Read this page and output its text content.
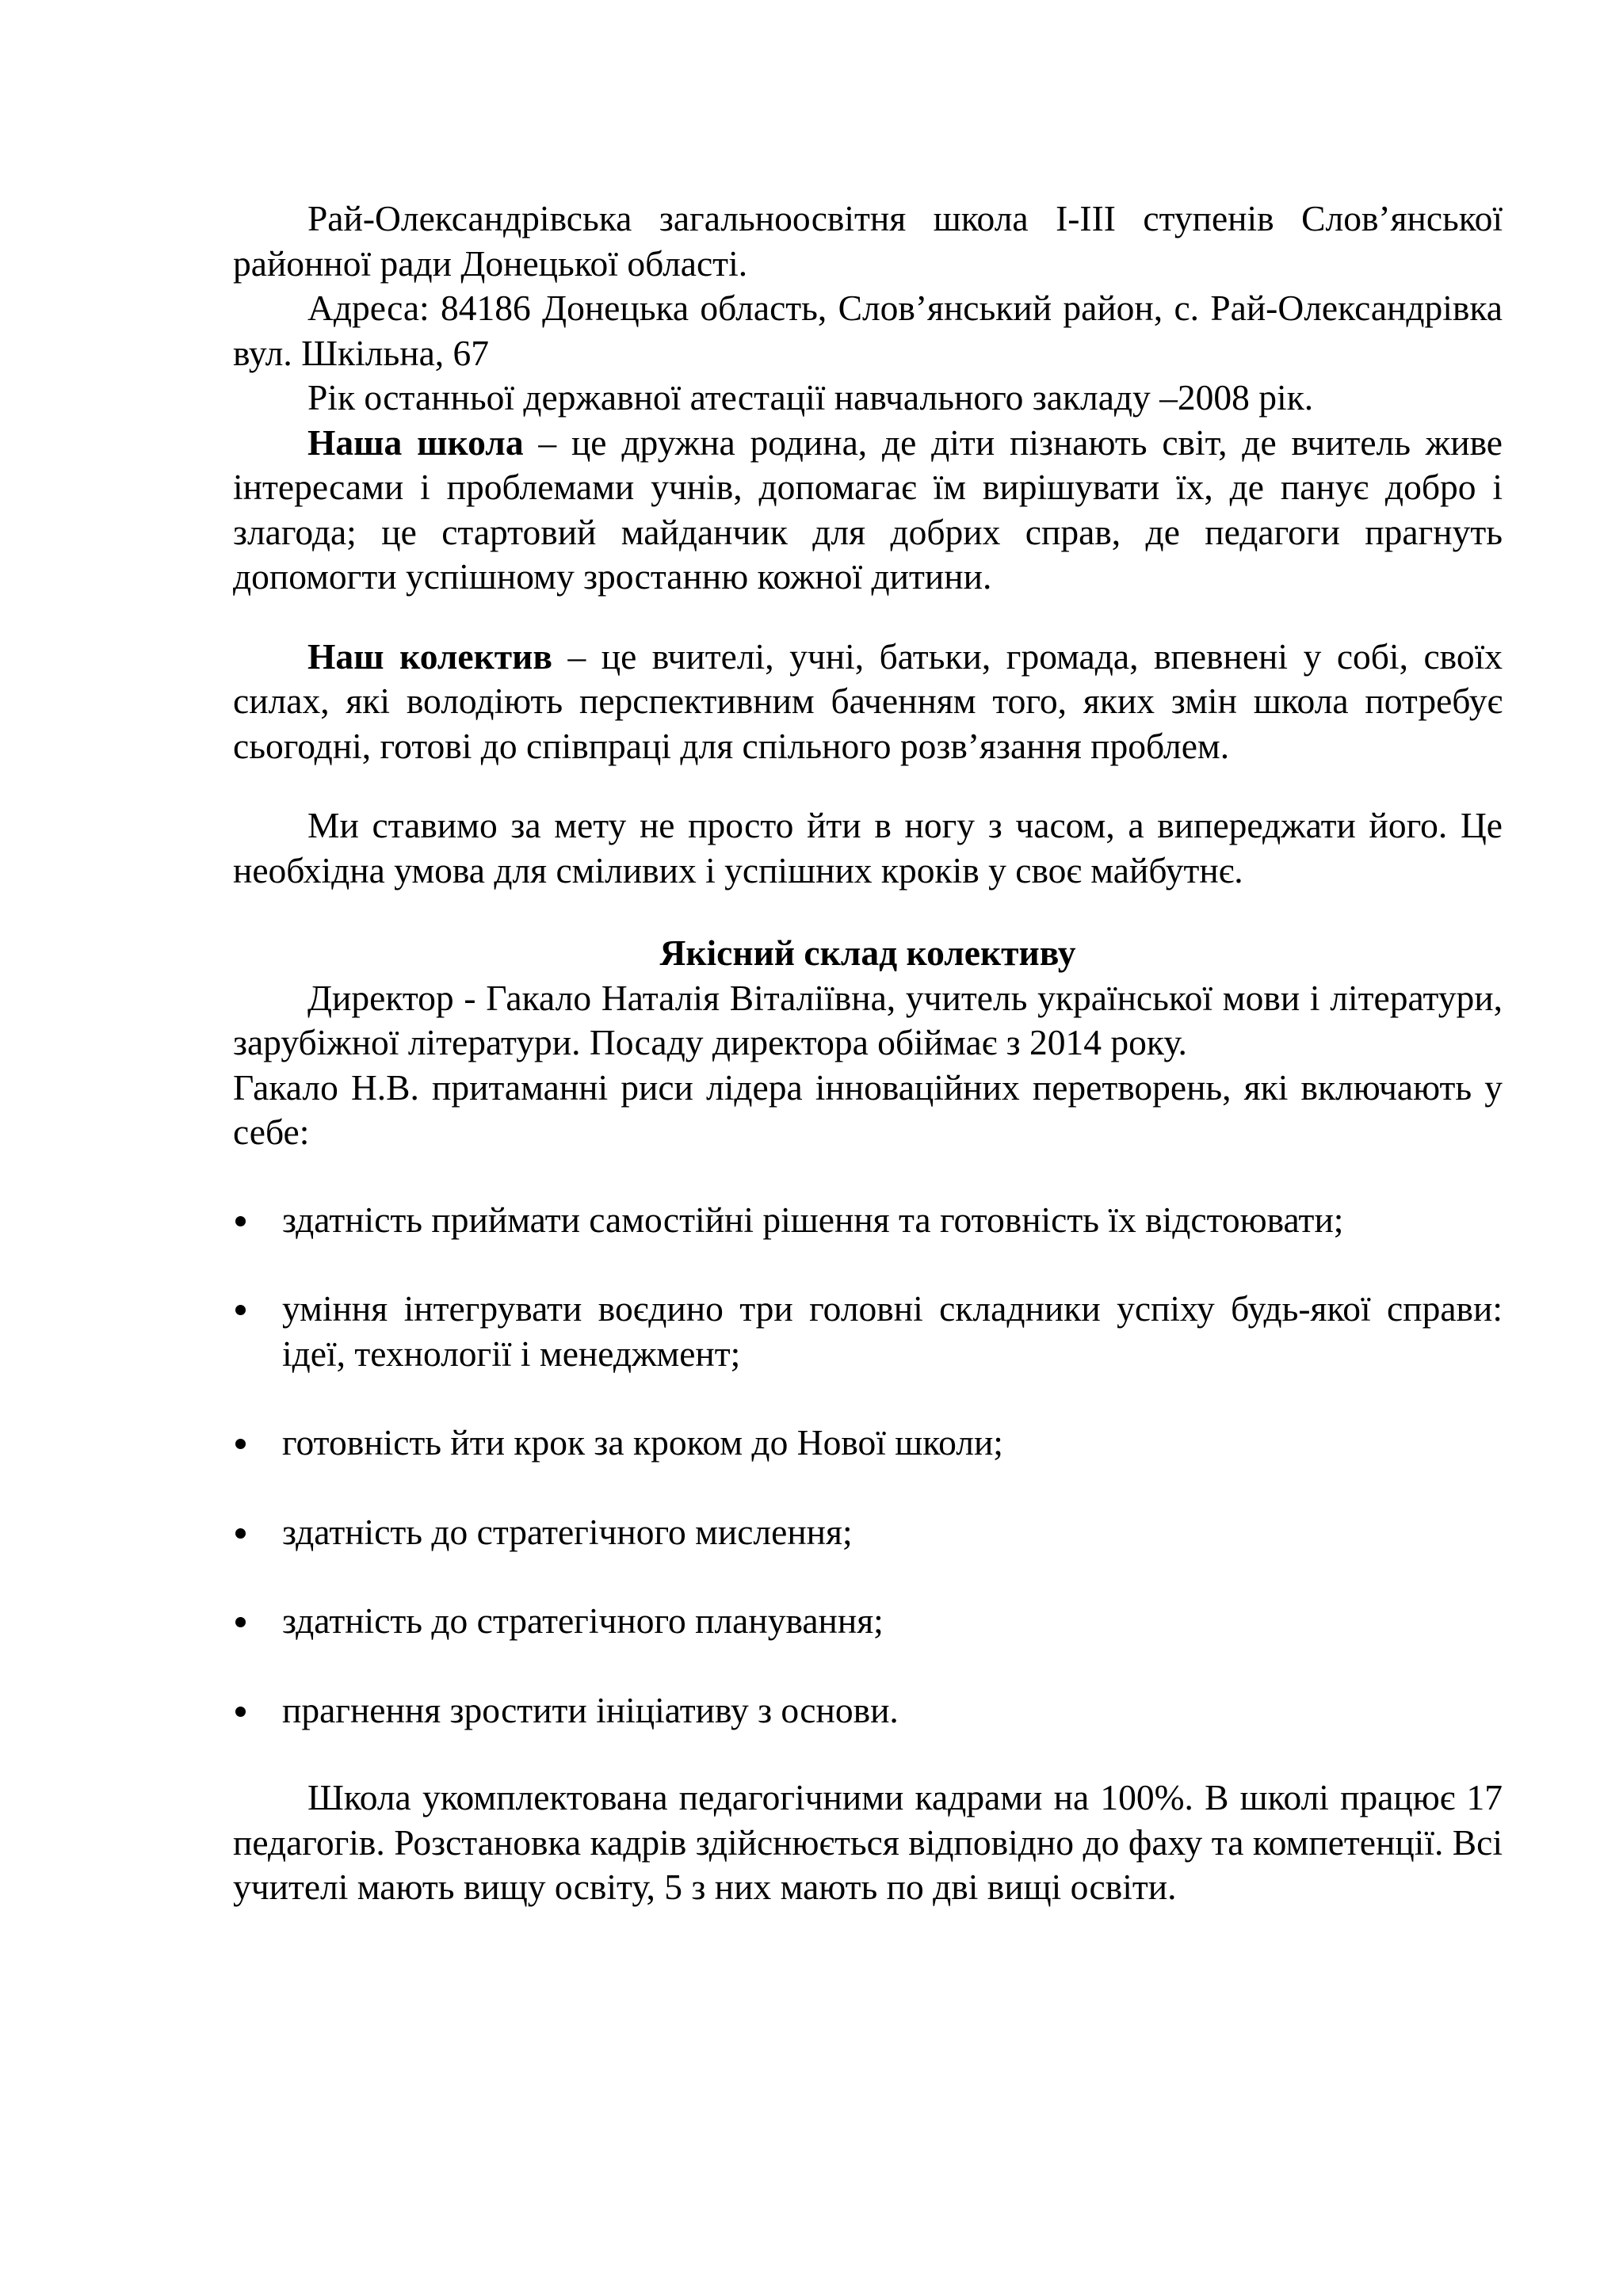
Рай-Олександрівська загальноосвітня школа І-ІІІ ступенів Слов’янської районної ради Донецької області.

Адреса: 84186 Донецька область, Слов’янський район, с. Рай-Олександрівка вул. Шкільна, 67

Рік останньої державної атестації навчального закладу –2008 рік.

Наша школа – це дружна родина, де діти пізнають світ, де вчитель живе інтересами і проблемами учнів, допомагає їм вирішувати їх, де панує добро і злагода; це стартовий майданчик для добрих справ, де педагоги прагнуть допомогти успішному зростанню кожної дитини.

Наш колектив – це вчителі, учні, батьки, громада, впевнені у собі, своїх силах, які володіють перспективним баченням того, яких змін школа потребує сьогодні, готові до співпраці для спільного розв’язання проблем.

Ми ставимо за мету не просто йти в ногу з часом, а випереджати його. Це необхідна умова для сміливих і успішних кроків у своє майбутнє.

Якісний склад колективу

Директор - Гакало Наталія Віталіївна, учитель української мови і літератури, зарубіжної літератури. Посаду директора обіймає з 2014 року.

Гакало Н.В. притаманні риси лідера інноваційних перетворень, які включають у себе:

здатність приймати самостійні рішення та готовність їх відстоювати;
уміння інтегрувати воєдино три головні складники успіху будь-якої справи: ідеї, технології і менеджмент;
готовність йти крок за кроком до Нової школи;
здатність до стратегічного мислення;
здатність до стратегічного планування;
прагнення зростити ініціативу з основи.

Школа укомплектована педагогічними кадрами на 100%. В школі працює 17 педагогів. Розстановка кадрів здійснюється відповідно до фаху та компетенції. Всі учителі мають вищу освіту, 5 з них мають по дві вищі освіти.
